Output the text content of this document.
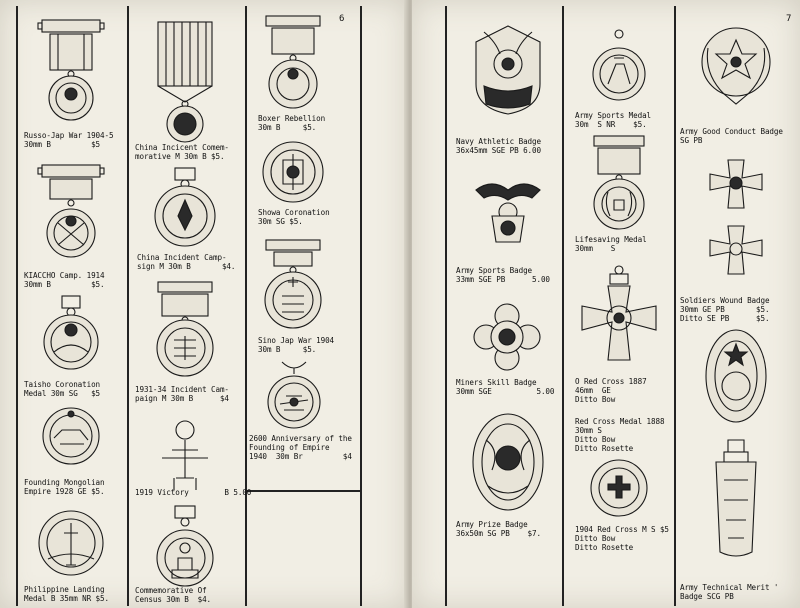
6
Russo-Jap War 1904-5
30mm B         $5
KIACCHO Camp. 1914
30mm B         $5.
Taisho Coronation
Medal 30m SG   $5
Founding Mongolian
Empire 1928 GE $5.
Philippine Landing
Medal B 35mm NR $5.
China Incicent Comem-
morative M 30m B $5.
China Incident Camp-
sign M 30m B       $4.
1931-34 Incident Cam-
paign M 30m B      $4
1919 Victory        B 5.00
Commemorative Of
Census 30m B  $4.
Boxer Rebellion
30m B     $5.
Showa Coronation
30m SG $5.
Sino Jap War 1904
30m B     $5.
2600 Anniversary of the
Founding of Empire
1940  30m Br         $4
7
Navy Athletic Badge
36x45mm SGE PB 6.00
Army Sports Badge
33mm SGE PB      5.00
Miners Skill Badge
30mm SGE          5.00
Army Prize Badge
36x50m SG PB    $7.
Army Sports Medal
30m  S NR    $5.
Lifesaving Medal
30mm    S
O Red Cross 1887
46mm  GE
Ditto Bow
Red Cross Medal 1888
30mm S
Ditto Bow
Ditto Rosette
1904 Red Cross M S $5
Ditto Bow
Ditto Rosette
Army Good Conduct Badge
SG PB
Soldiers Wound Badge
30mm GE PB       $5.
Ditto SE PB      $5.
Army Technical Merit '
Badge SCG PB
